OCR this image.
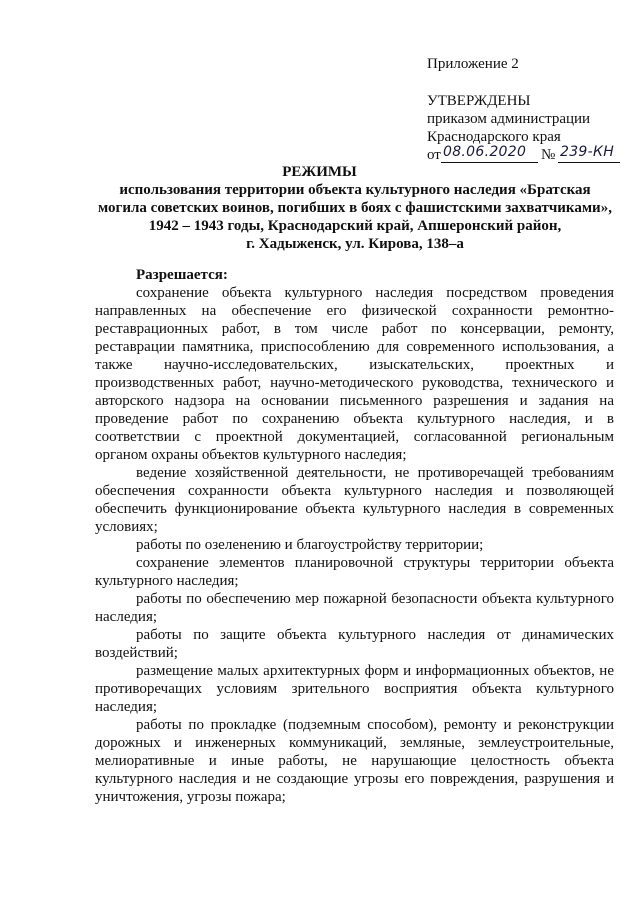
Приложение 2
УТВЕРЖДЕНЫ
приказом администрации
Краснодарского края
от 08.06.2020 № 239-КН
РЕЖИМЫ
использования территории объекта культурного наследия «Братская
могила советских воинов, погибших в боях с фашистскими захватчиками»,
1942 – 1943 годы, Краснодарский край, Апшеронский район,
г. Хадыженск, ул. Кирова, 138–а
Разрешается:

сохранение объекта культурного наследия посредством проведения направленных на обеспечение его физической сохранности ремонтно-реставрационных работ, в том числе работ по консервации, ремонту, реставрации памятника, приспособлению для современного использования, а также научно-исследовательских, изыскательских, проектных и производственных работ, научно-методического руководства, технического и авторского надзора на основании письменного разрешения и задания на проведение работ по сохранению объекта культурного наследия, и в соответствии с проектной документацией, согласованной региональным органом охраны объектов культурного наследия;

ведение хозяйственной деятельности, не противоречащей требованиям обеспечения сохранности объекта культурного наследия и позволяющей обеспечить функционирование объекта культурного наследия в современных условиях;

работы по озеленению и благоустройству территории;

сохранение элементов планировочной структуры территории объекта культурного наследия;

работы по обеспечению мер пожарной безопасности объекта культурного наследия;

работы по защите объекта культурного наследия от динамических воздействий;

размещение малых архитектурных форм и информационных объектов, не противоречащих условиям зрительного восприятия объекта культурного наследия;

работы по прокладке (подземным способом), ремонту и реконструкции дорожных и инженерных коммуникаций, земляные, землеустроительные, мелиоративные и иные работы, не нарушающие целостность объекта культурного наследия и не создающие угрозы его повреждения, разрушения и уничтожения, угрозы пожара;
